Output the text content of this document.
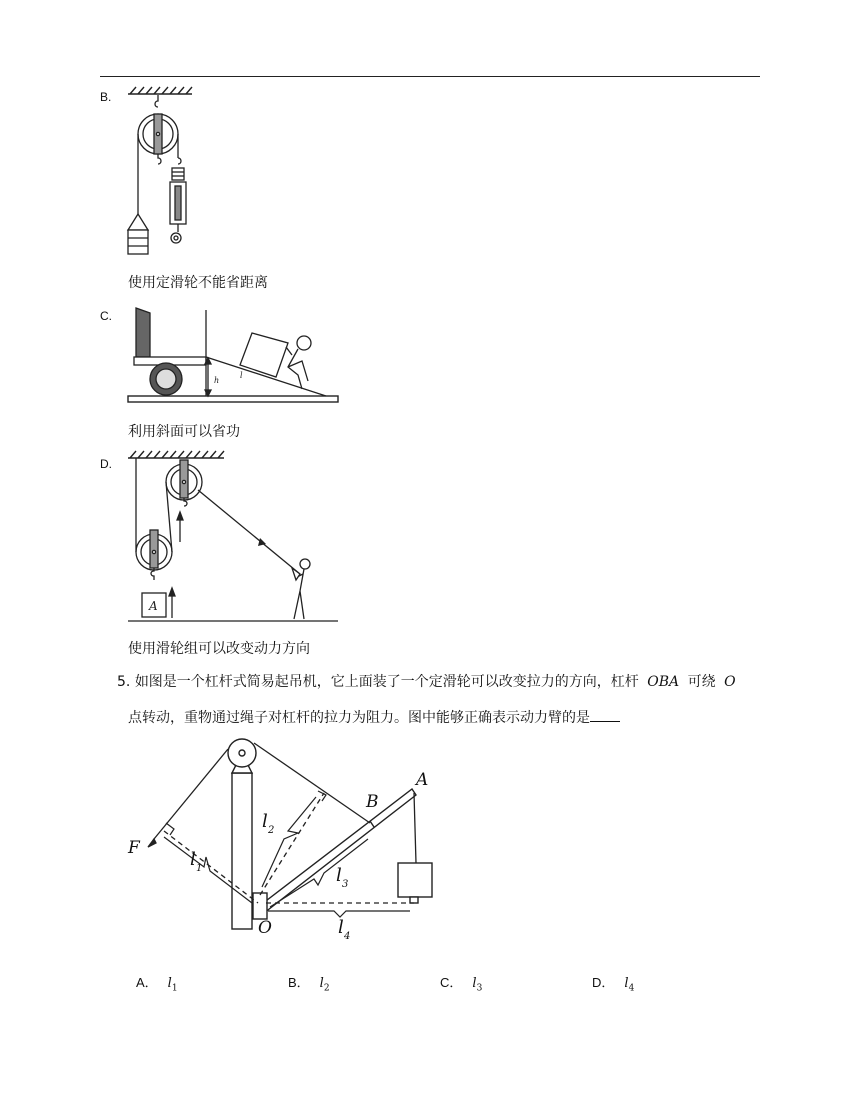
B.
使用定滑轮不能省距离
C.
h
l
利用斜面可以省功
D.
A
使用滑轮组可以改变动力方向
5. 如图是一个杠杆式简易起吊机，它上面装了一个定滑轮可以改变拉力的方向，杠杆 OBA 可绕 O
点转动，重物通过绳子对杠杆的拉力为阻力。图中能够正确表示动力臂的是
F
O
A
B
l 1
l 2
l 3
l 4
A． $l_1$	B． $l_2$	C． $l_3$	D． $l_4$
